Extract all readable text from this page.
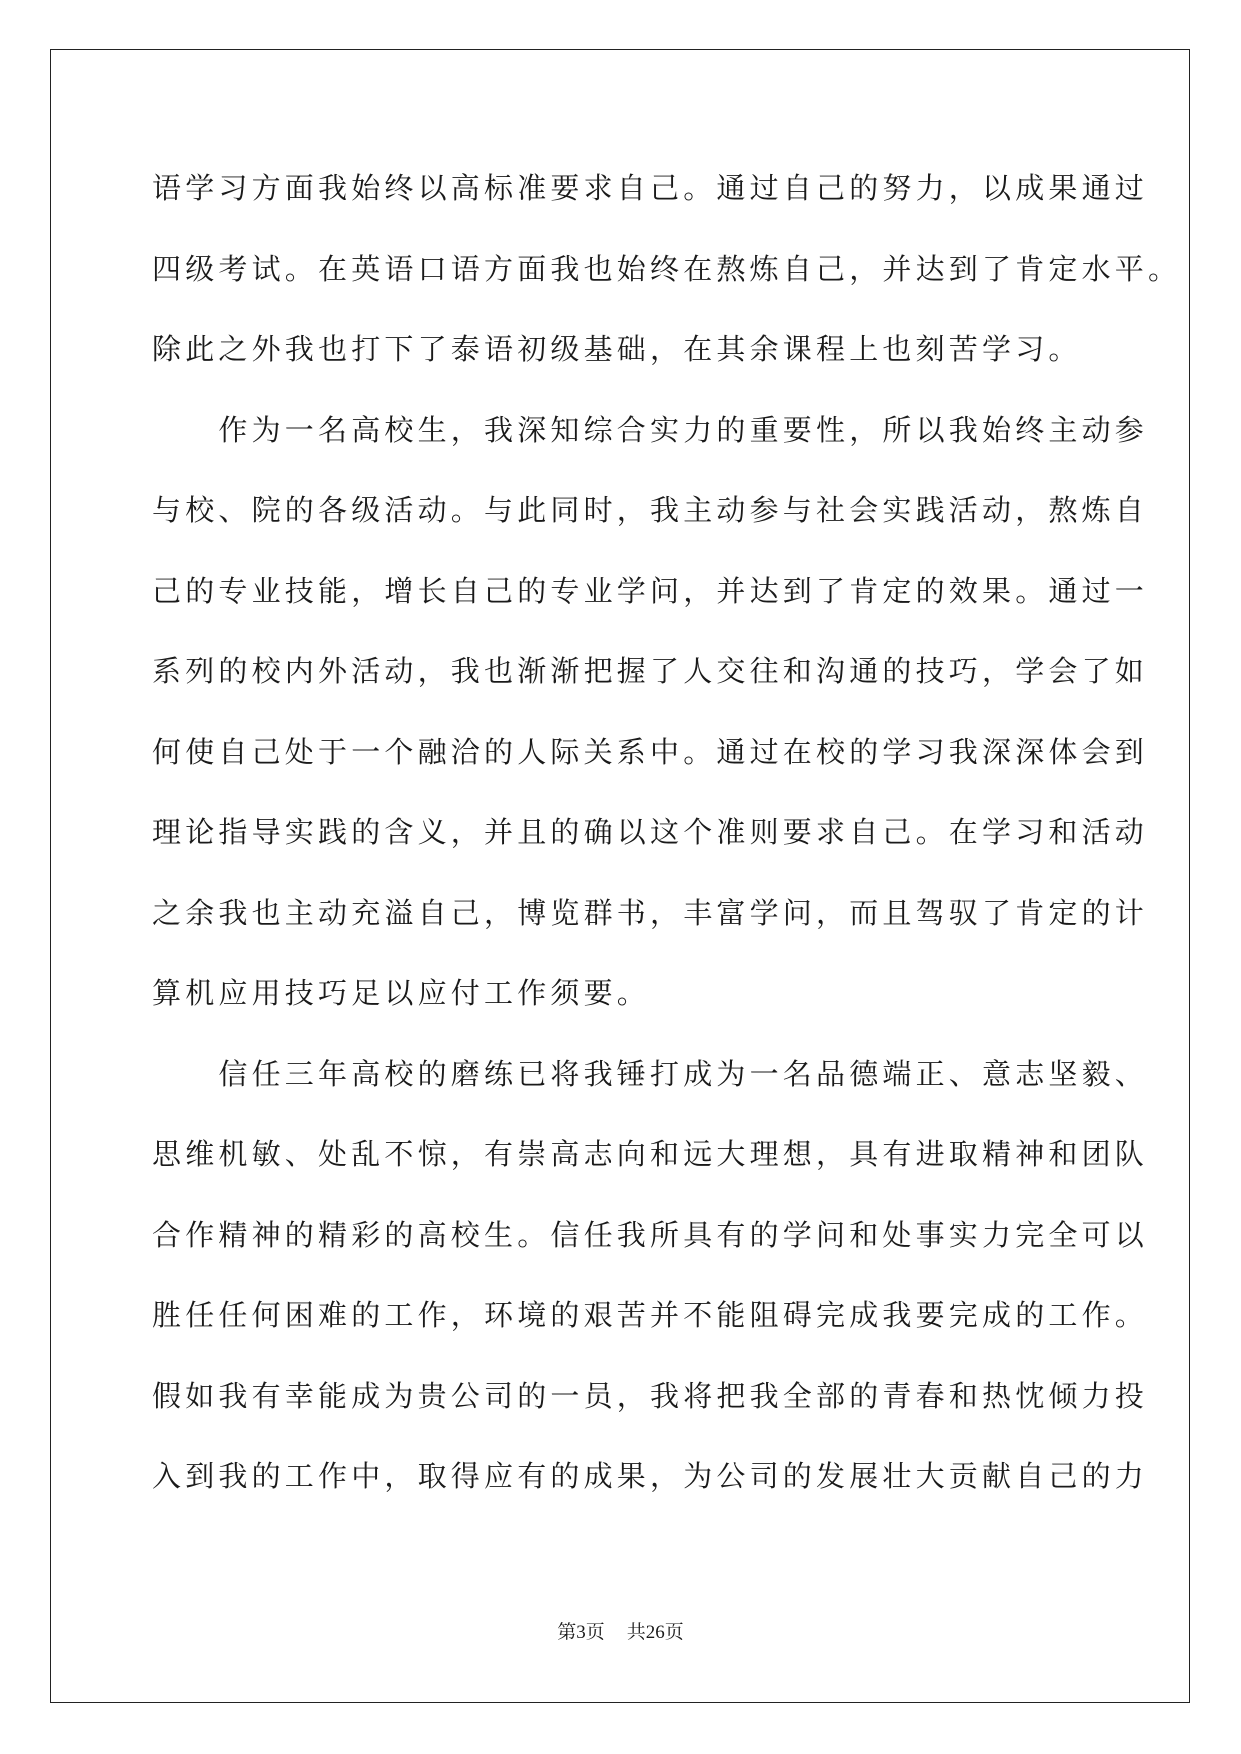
语学习方面我始终以高标准要求自己。通过自己的努力，以成果通过
四级考试。在英语口语方面我也始终在熬炼自己，并达到了肯定水平。
除此之外我也打下了泰语初级基础，在其余课程上也刻苦学习。
　　作为一名高校生，我深知综合实力的重要性，所以我始终主动参
与校、院的各级活动。与此同时，我主动参与社会实践活动，熬炼自
己的专业技能，增长自己的专业学问，并达到了肯定的效果。通过一
系列的校内外活动，我也渐渐把握了人交往和沟通的技巧，学会了如
何使自己处于一个融洽的人际关系中。通过在校的学习我深深体会到
理论指导实践的含义，并且的确以这个准则要求自己。在学习和活动
之余我也主动充溢自己，博览群书，丰富学问，而且驾驭了肯定的计
算机应用技巧足以应付工作须要。
　　信任三年高校的磨练已将我锤打成为一名品德端正、意志坚毅、
思维机敏、处乱不惊，有崇高志向和远大理想，具有进取精神和团队
合作精神的精彩的高校生。信任我所具有的学问和处事实力完全可以
胜任任何困难的工作，环境的艰苦并不能阻碍完成我要完成的工作。
假如我有幸能成为贵公司的一员，我将把我全部的青春和热忱倾力投
入到我的工作中，取得应有的成果，为公司的发展壮大贡献自己的力
第3页 共26页
